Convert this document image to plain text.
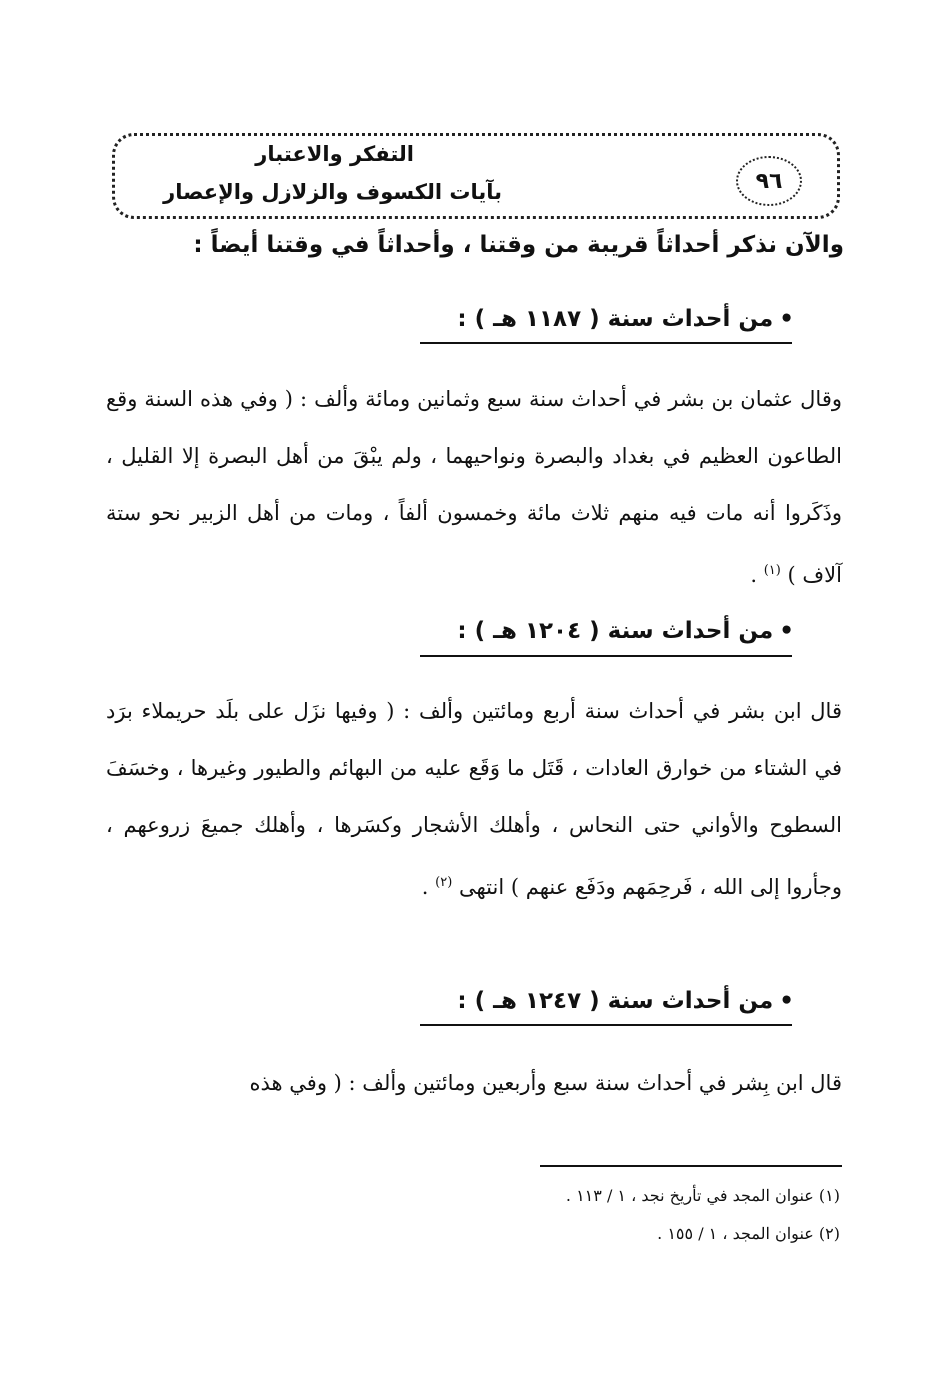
٩٦
التفكر والاعتبار
بآيات الكسوف والزلازل والإعصار
والآن نذكر أحداثاً قريبة من وقتنا ، وأحداثاً في وقتنا أيضاً :
•من أحداث سنة ( ١١٨٧ هـ ) :
وقال عثمان بن بشر في أحداث سنة سبع وثمانين ومائة وألف : ( وفي هذه السنة وقع الطاعون العظيم في بغداد والبصرة ونواحيهما ، ولم يبْقَ من أهل البصرة إلا القليل ، وذَكَروا أنه مات فيه منهم ثلاث مائة وخمسون ألفاً ، ومات من أهل الزبير نحو ستة آلاف ) $^{(١)}$ .
•من أحداث سنة ( ١٢٠٤ هـ ) :
قال ابن بشر في أحداث سنة أربع ومائتين وألف : ( وفيها نزَل على بلَد حريملاء برَد في الشتاء من خوارق العادات ، قَتَل ما وَقَع عليه من البهائم والطيور وغيرها ، وخسَفَ السطوح والأواني حتى النحاس ، وأهلك الأشجار وكسَرها ، وأهلك جميعَ زروعهم ، وجأروا إلى الله ، فَرحِمَهم ودَفَع عنهم ) انتهى $^{(٢)}$ .
•من أحداث سنة ( ١٢٤٧ هـ ) :
قال ابن بِشر في أحداث سنة سبع وأربعين ومائتين وألف : ( وفي هذه
(١) عنوان المجد في تأريخ نجد ، ١ / ١١٣ .
(٢) عنوان المجد ، ١ / ١٥٥ .
